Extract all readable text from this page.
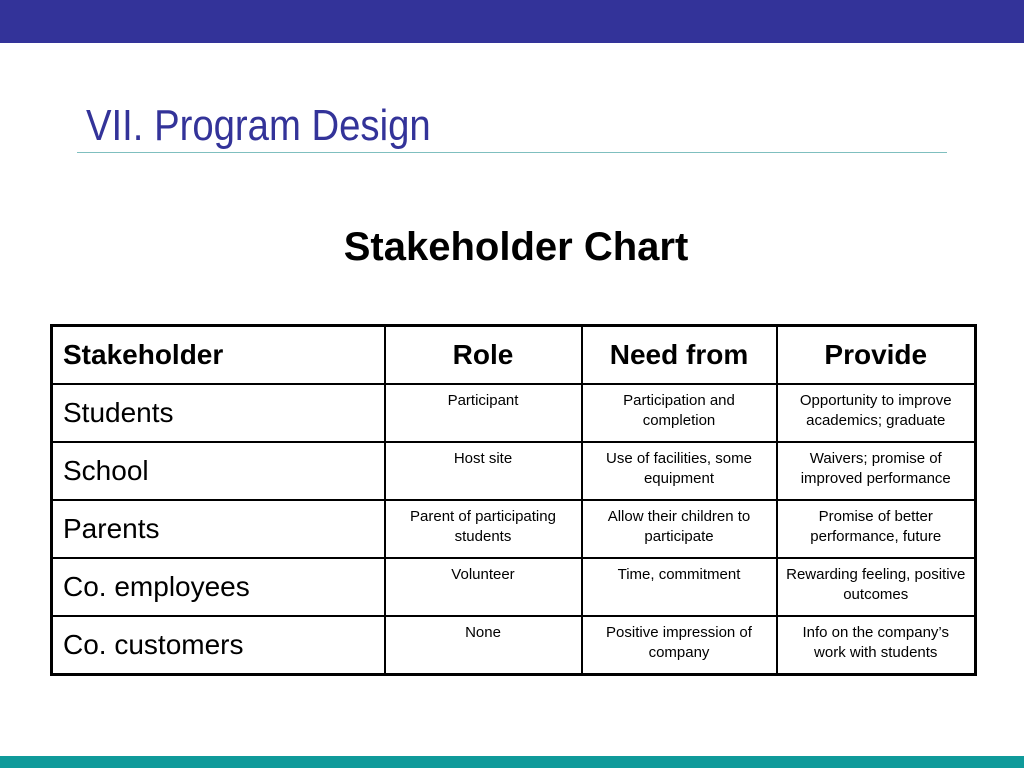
VII. Program Design
Stakeholder Chart
Stakeholder	Role	Need from	Provide
Students	Participant	Participation and completion	Opportunity to improve academics; graduate
School	Host site	Use of facilities, some equipment	Waivers; promise of improved performance
Parents	Parent of participating students	Allow their children to participate	Promise of better performance, future
Co. employees	Volunteer	Time, commitment	Rewarding feeling, positive outcomes
Co. customers	None	Positive impression of company	Info on the company’s work with students
